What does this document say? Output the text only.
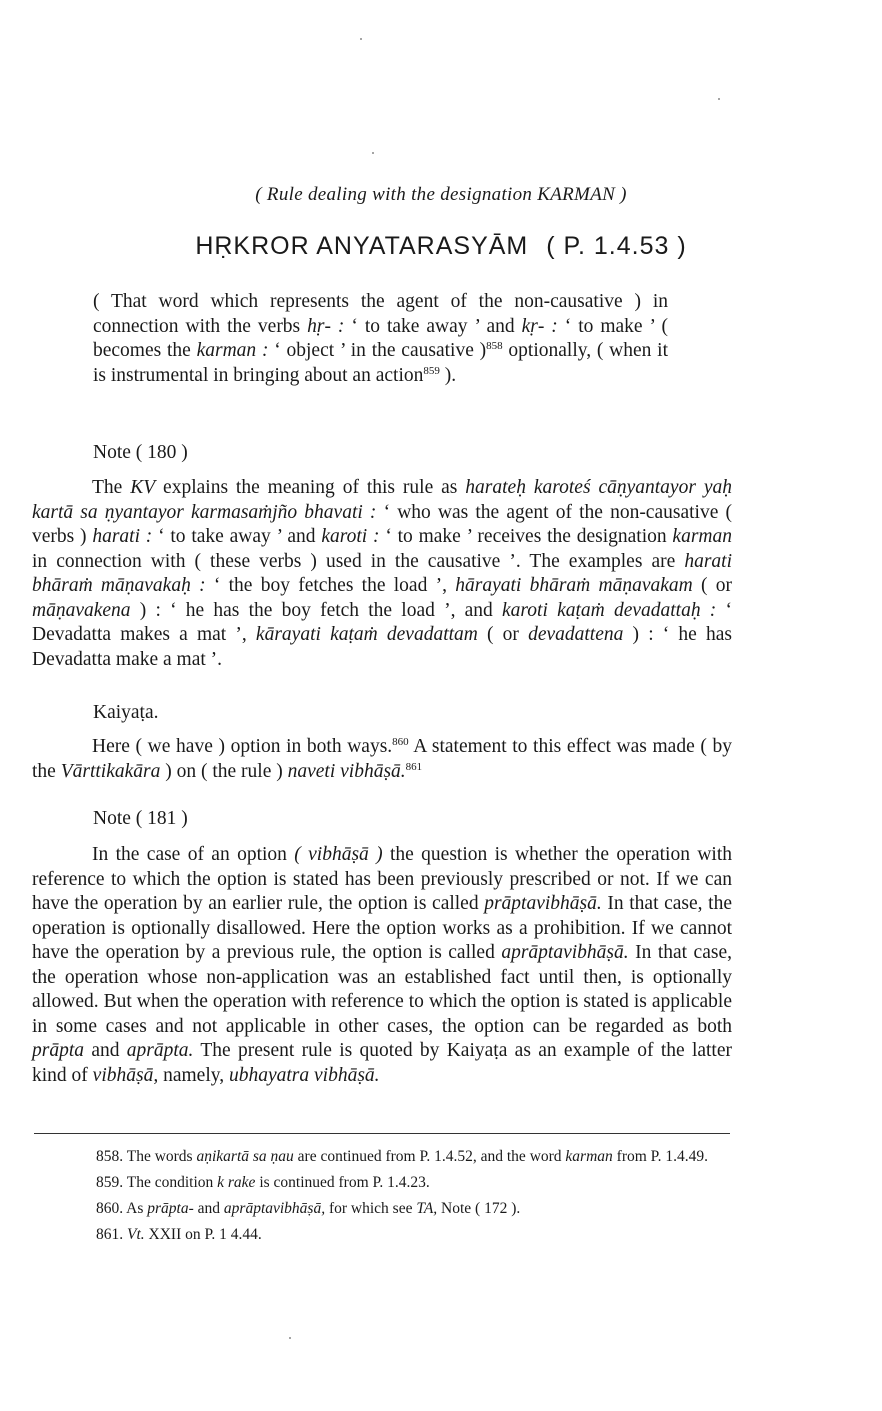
( Rule dealing with the designation KARMAN )
HṚKROR ANYATARASYĀM ( P. 1.4.53 )
( That word which represents the agent of the non-causative ) in connection with the verbs hṛ- : ‘ to take away ’ and kṛ- : ‘ to make ’ ( becomes the karman : ‘ object ’ in the causative )$^{858}$ optionally, ( when it is instrumental in bringing about an action$^{859}$ ).
Note ( 180 )
The KV explains the meaning of this rule as harateḥ karoteś cāṇyantayor yaḥ kartā sa ṇyantayor karmasaṁjño bhavati : ‘ who was the agent of the non-causative ( verbs ) harati : ‘ to take away ’ and karoti : ‘ to make ’ receives the designation karman in connection with ( these verbs ) used in the causative ’. The examples are harati bhāraṁ māṇavakaḥ : ‘ the boy fetches the load ’, hārayati bhāraṁ māṇavakam ( or māṇavakena ) : ‘ he has the boy fetch the load ’, and karoti kaṭaṁ devadattaḥ : ‘ Devadatta makes a mat ’, kārayati kaṭaṁ devadattam ( or devadattena ) : ‘ he has Devadatta make a mat ’.
Kaiyaṭa.
Here ( we have ) option in both ways.$^{860}$ A statement to this effect was made ( by the Vārttikakāra ) on ( the rule ) naveti vibhāṣā.$^{861}$
Note ( 181 )
In the case of an option ( vibhāṣā ) the question is whether the operation with reference to which the option is stated has been previously prescribed or not. If we can have the operation by an earlier rule, the option is called prāptavibhāṣā. In that case, the operation is optionally disallowed. Here the option works as a prohibition. If we cannot have the operation by a previous rule, the option is called aprāptavibhāṣā. In that case, the operation whose non-application was an established fact until then, is optionally allowed. But when the operation with reference to which the option is stated is applicable in some cases and not applicable in other cases, the option can be regarded as both prāpta and aprāpta. The present rule is quoted by Kaiyaṭa as an example of the latter kind of vibhāṣā, namely, ubhayatra vibhāṣā.
858. The words aṇikartā sa ṇau are continued from P. 1.4.52, and the word karman from P. 1.4.49.
859. The condition k rake is continued from P. 1.4.23.
860. As prāpta- and aprāptavibhāṣā, for which see TA, Note ( 172 ).
861. Vt. XXII on P. 1 4.44.
